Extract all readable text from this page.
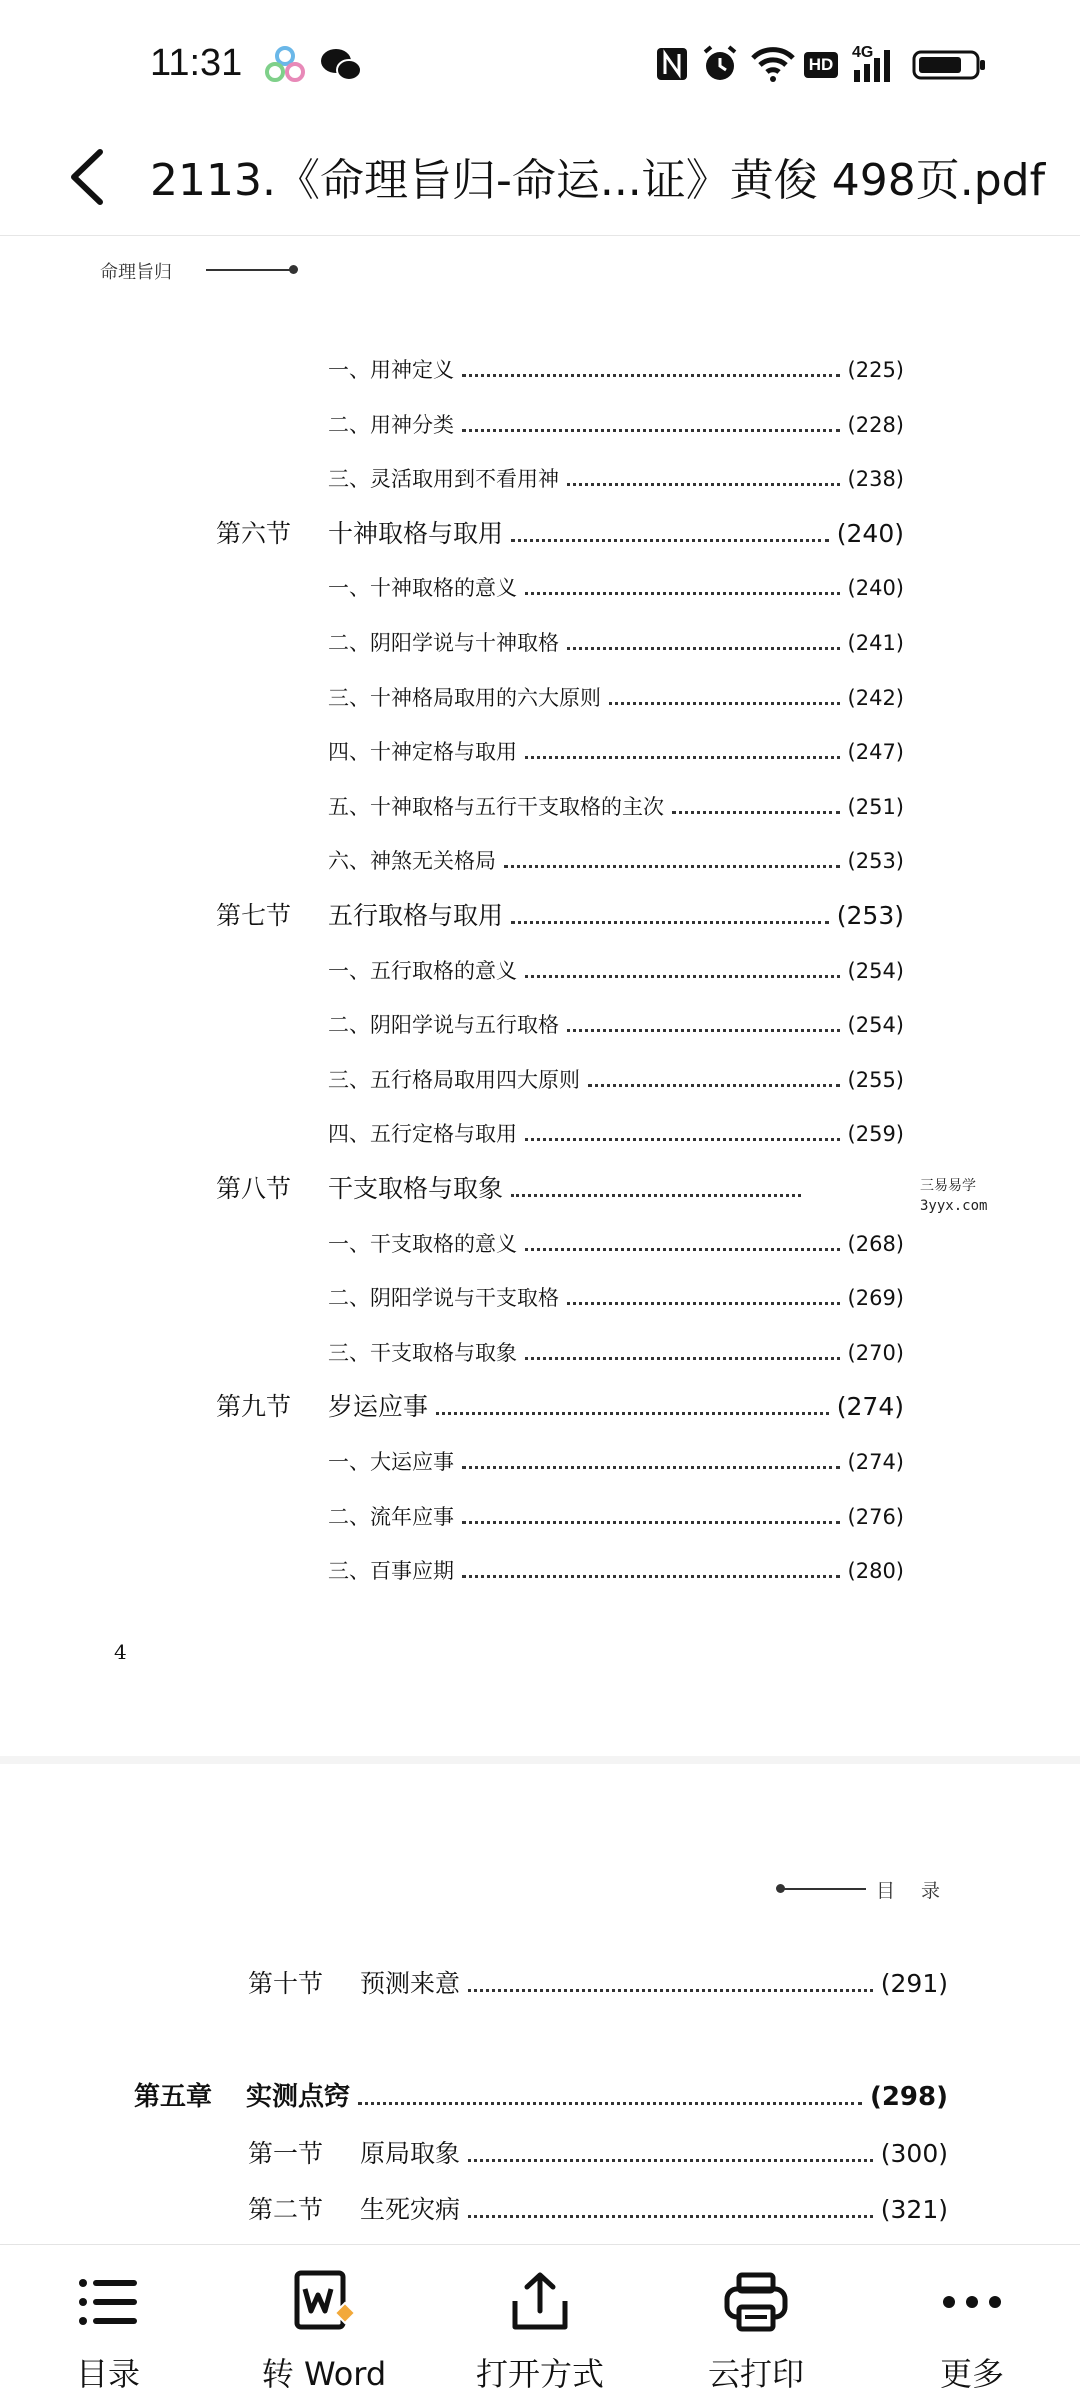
11:31	HD
4G
2113.《命理旨归-命运...证》黄俊 498页.pdf
命理旨归
一、用神定义	(225)
二、用神分类	(228)
三、灵活取用到不看用神	(238)
第六节	十神取格与取用	(240)
一、十神取格的意义	(240)
二、阴阳学说与十神取格	(241)
三、十神格局取用的六大原则	(242)
四、十神定格与取用	(247)
五、十神取格与五行干支取格的主次	(251)
六、神煞无关格局	(253)
第七节	五行取格与取用	(253)
一、五行取格的意义	(254)
二、阴阳学说与五行取格	(254)
三、五行格局取用四大原则	(255)
四、五行定格与取用	(259)
第八节	干支取格与取象
一、干支取格的意义	(268)
二、阴阳学说与干支取格	(269)
三、干支取格与取象	(270)
第九节	岁运应事	(274)
一、大运应事	(274)
二、流年应事	(276)
三、百事应期	(280)
4
三易易学
3yyx.com
目 录
第十节	预测来意	(291)
第五章	实测点窍	(298)
第一节	原局取象	(300)
第二节	生死灾病	(321)
目录	转 Word	打开方式	云打印	更多
